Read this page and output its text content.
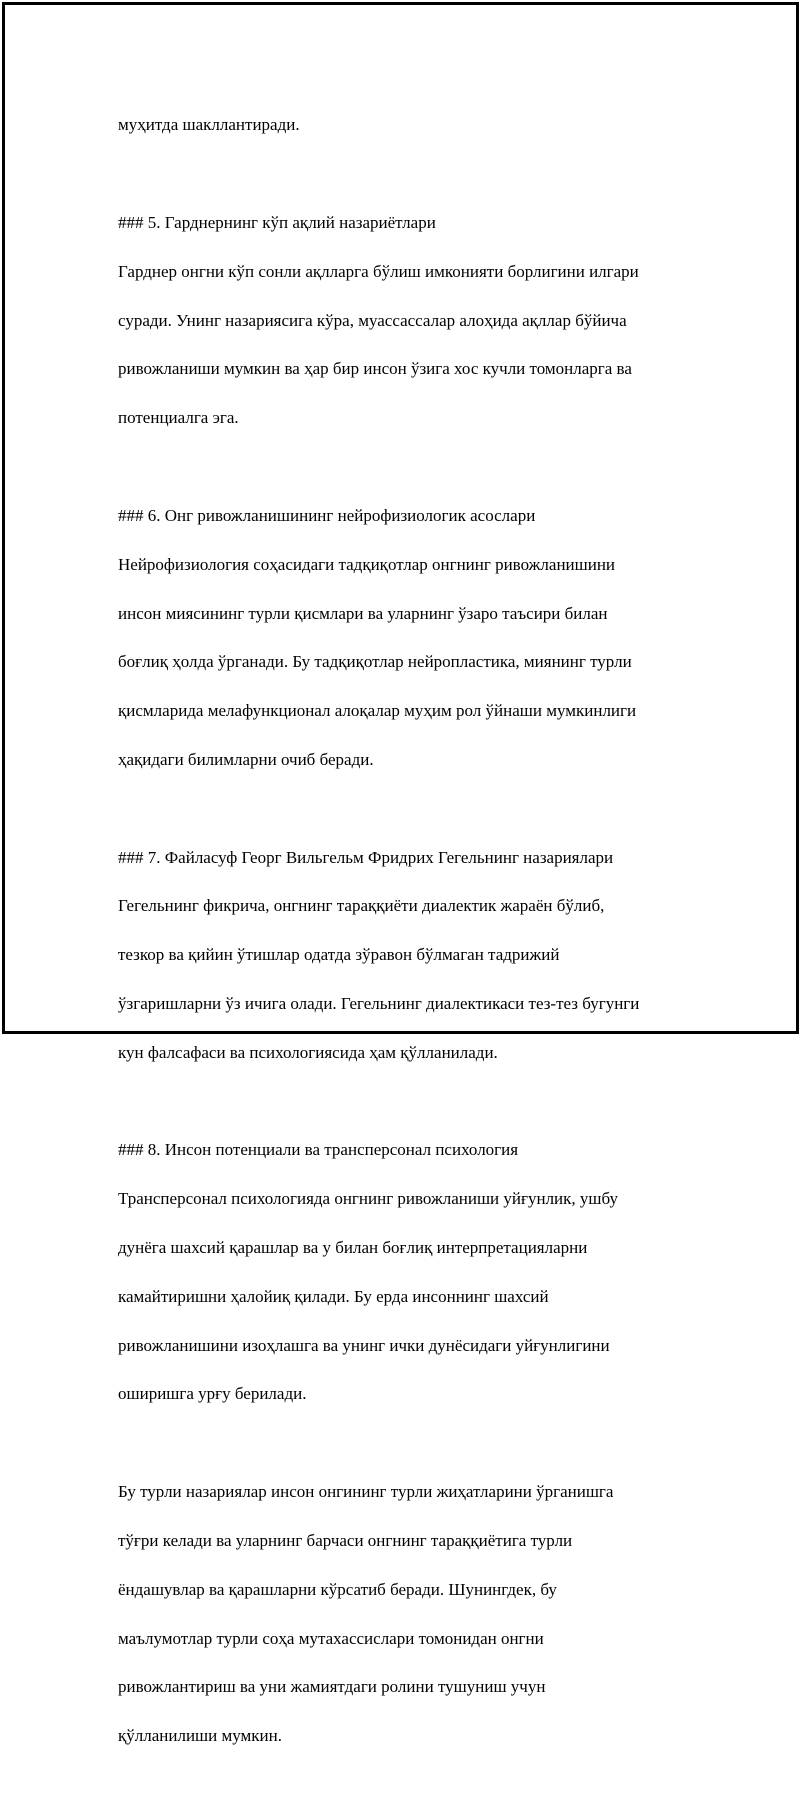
муҳитда шакллантиради.

### 5. Гарднернинг кўп ақлий назариётлари

Гарднер онгни кўп сонли ақлларга бўлиш имконияти борлигини илгари

суради. Унинг назариясига кўра, муассассалар алоҳида ақллар бўйича

ривожланиши мумкин ва ҳар бир инсон ўзига хос кучли томонларга ва

потенциалга эга.

### 6. Онг ривожланишининг нейрофизиологик асослари

Нейрофизиология соҳасидаги тадқиқотлар онгнинг ривожланишини

инсон миясининг турли қисмлари ва уларнинг ўзаро таъсири билан

боғлиқ ҳолда ўрганади. Бу тадқиқотлар нейропластика, миянинг турли

қисмларида мелафункционал алоқалар муҳим рол ўйнаши мумкинлиги

ҳақидаги билимларни очиб беради.

### 7. Файласуф Георг Вильгельм Фридрих Гегельнинг назариялари

Гегельнинг фикрича, онгнинг тараққиёти диалектик жараён бўлиб,

тезкор ва қийин ўтишлар одатда зўравон бўлмаган тадрижий

ўзгаришларни ўз ичига олади. Гегельнинг диалектикаси тез-тез бугунги

кун фалсафаси ва психологиясида ҳам қўлланилади.

### 8. Инсон потенциали ва трансперсонал психология

Трансперсонал психологияда онгнинг ривожланиши уйғунлик, ушбу

дунёга шахсий қарашлар ва у билан боғлиқ интерпретацияларни

камайтиришни ҳалойиқ қилади. Бу ерда инсоннинг шахсий

ривожланишини изоҳлашга ва унинг ички дунёсидаги уйғунлигини

оширишга урғу берилади.

Бу турли назариялар инсон онгининг турли жиҳатларини ўрганишга

тўғри келади ва уларнинг барчаси онгнинг тараққиётига турли

ёндашувлар ва қарашларни кўрсатиб беради. Шунингдек, бу

маълумотлар турли соҳа мутахассислари томонидан онгни

ривожлантириш ва уни жамиятдаги ролини тушуниш учун

қўлланилиши мумкин.
